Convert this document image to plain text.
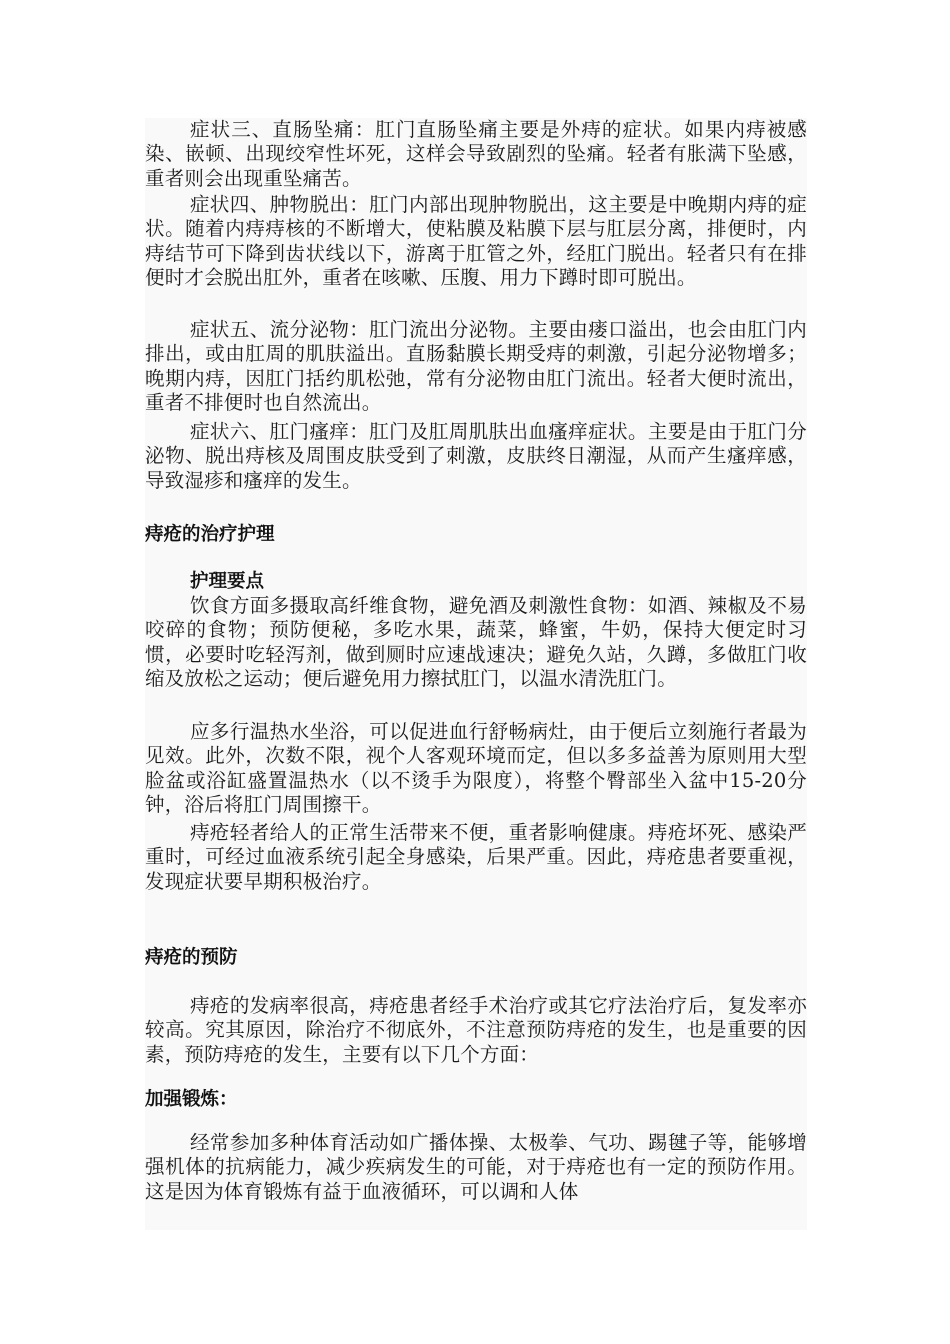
症状三、直肠坠痛：肛门直肠坠痛主要是外痔的症状。如果内痔被感染、嵌顿、出现绞窄性坏死，这样会导致剧烈的坠痛。轻者有胀满下坠感，重者则会出现重坠痛苦。

症状四、肿物脱出：肛门内部出现肿物脱出，这主要是中晚期内痔的症状。随着内痔痔核的不断增大，使粘膜及粘膜下层与肛层分离，排便时，内痔结节可下降到齿状线以下，游离于肛管之外，经肛门脱出。轻者只有在排便时才会脱出肛外，重者在咳嗽、压腹、用力下蹲时即可脱出。

症状五、流分泌物：肛门流出分泌物。主要由瘘口溢出，也会由肛门内排出，或由肛周的肌肤溢出。直肠黏膜长期受痔的刺激，引起分泌物增多；晚期内痔，因肛门括约肌松弛，常有分泌物由肛门流出。轻者大便时流出，重者不排便时也自然流出。

症状六、肛门瘙痒：肛门及肛周肌肤出血瘙痒症状。主要是由于肛门分泌物、脱出痔核及周围皮肤受到了刺激，皮肤终日潮湿，从而产生瘙痒感，导致湿疹和瘙痒的发生。

痔疮的治疗护理
护理要点

饮食方面多摄取高纤维食物，避免酒及刺激性食物：如酒、辣椒及不易咬碎的食物；预防便秘，多吃水果，蔬菜，蜂蜜，牛奶，保持大便定时习惯，必要时吃轻泻剂，做到厕时应速战速决；避免久站，久蹲，多做肛门收缩及放松之运动；便后避免用力擦拭肛门，以温水清洗肛门。

应多行温热水坐浴，可以促进血行舒畅病灶，由于便后立刻施行者最为见效。此外，次数不限，视个人客观环境而定，但以多多益善为原则用大型脸盆或浴缸盛置温热水（以不烫手为限度），将整个臀部坐入盆中15-20分钟，浴后将肛门周围擦干。

痔疮轻者给人的正常生活带来不便，重者影响健康。痔疮坏死、感染严重时，可经过血液系统引起全身感染，后果严重。因此，痔疮患者要重视，发现症状要早期积极治疗。

痔疮的预防

痔疮的发病率很高，痔疮患者经手术治疗或其它疗法治疗后，复发率亦较高。究其原因，除治疗不彻底外，不注意预防痔疮的发生，也是重要的因素，预防痔疮的发生，主要有以下几个方面：

加强锻炼：

经常参加多种体育活动如广播体操、太极拳、气功、踢毽子等，能够增强机体的抗病能力，减少疾病发生的可能，对于痔疮也有一定的预防作用。这是因为体育锻炼有益于血液循环，可以调和人体
